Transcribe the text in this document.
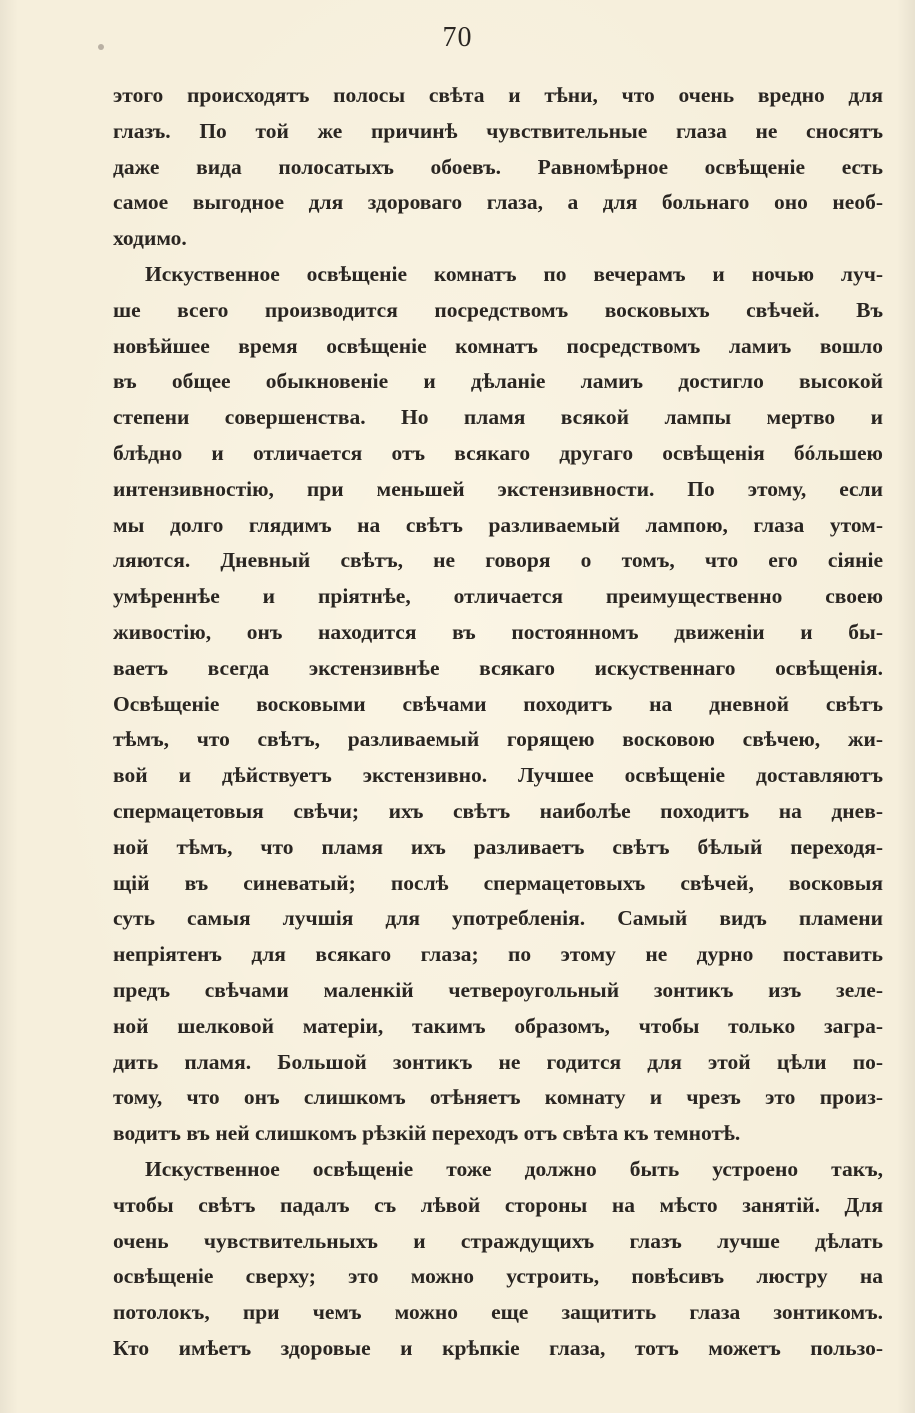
70
этого происходятъ полосы свѣта и тѣни, что очень вредно для
глазъ. По той же причинѣ чувствительные глаза не сносятъ
даже вида полосатыхъ обоевъ. Равномѣрное освѣщеніе есть
самое выгодное для здороваго глаза, а для больнаго оно необ-
ходимо.
Искуственное освѣщеніе комнатъ по вечерамъ и ночью луч-
ше всего производится посредствомъ восковыхъ свѣчей. Въ
новѣйшее время освѣщеніе комнатъ посредствомъ ламиъ вошло
въ общее обыкновеніе и дѣланіе ламиъ достигло высокой
степени совершенства. Но пламя всякой лампы мертво и
блѣдно и отличается отъ всякаго другаго освѣщенія бóльшею
интензивностію, при меньшей экстензивности. По этому, если
мы долго глядимъ на свѣтъ разливаемый лампою, глаза утом-
ляются. Дневный свѣтъ, не говоря о томъ, что его сіяніе
умѣреннѣе и пріятнѣе, отличается преимущественно своею
живостію, онъ находится въ постоянномъ движеніи и бы-
ваетъ всегда экстензивнѣе всякаго искуственнаго освѣщенія.
Освѣщеніе восковыми свѣчами походитъ на дневной свѣтъ
тѣмъ, что свѣтъ, разливаемый горящею восковою свѣчею, жи-
вой и дѣйствуетъ экстензивно. Лучшее освѣщеніе доставляютъ
спермацетовыя свѣчи; ихъ свѣтъ наиболѣе походитъ на днев-
ной тѣмъ, что пламя ихъ разливаетъ свѣтъ бѣлый переходя-
щій въ синеватый; послѣ спермацетовыхъ свѣчей, восковыя
суть самыя лучшія для употребленія. Самый видъ пламени
непріятенъ для всякаго глаза; по этому не дурно поставить
предъ свѣчами маленкій четвероугольный зонтикъ изъ зеле-
ной шелковой матеріи, такимъ образомъ, чтобы только загра-
дить пламя. Большой зонтикъ не годится для этой цѣли по-
тому, что онъ слишкомъ отѣняетъ комнату и чрезъ это произ-
водитъ въ ней слишкомъ рѣзкій переходъ отъ свѣта къ темнотѣ.
Искуственное освѣщеніе тоже должно быть устроено такъ,
чтобы свѣтъ падалъ съ лѣвой стороны на мѣсто занятій. Для
очень чувствительныхъ и страждущихъ глазъ лучше дѣлать
освѣщеніе сверху; это можно устроить, повѣсивъ люстру на
потолокъ, при чемъ можно еще защитить глаза зонтикомъ.
Кто имѣетъ здоровые и крѣпкіе глаза, тотъ можетъ пользо-
